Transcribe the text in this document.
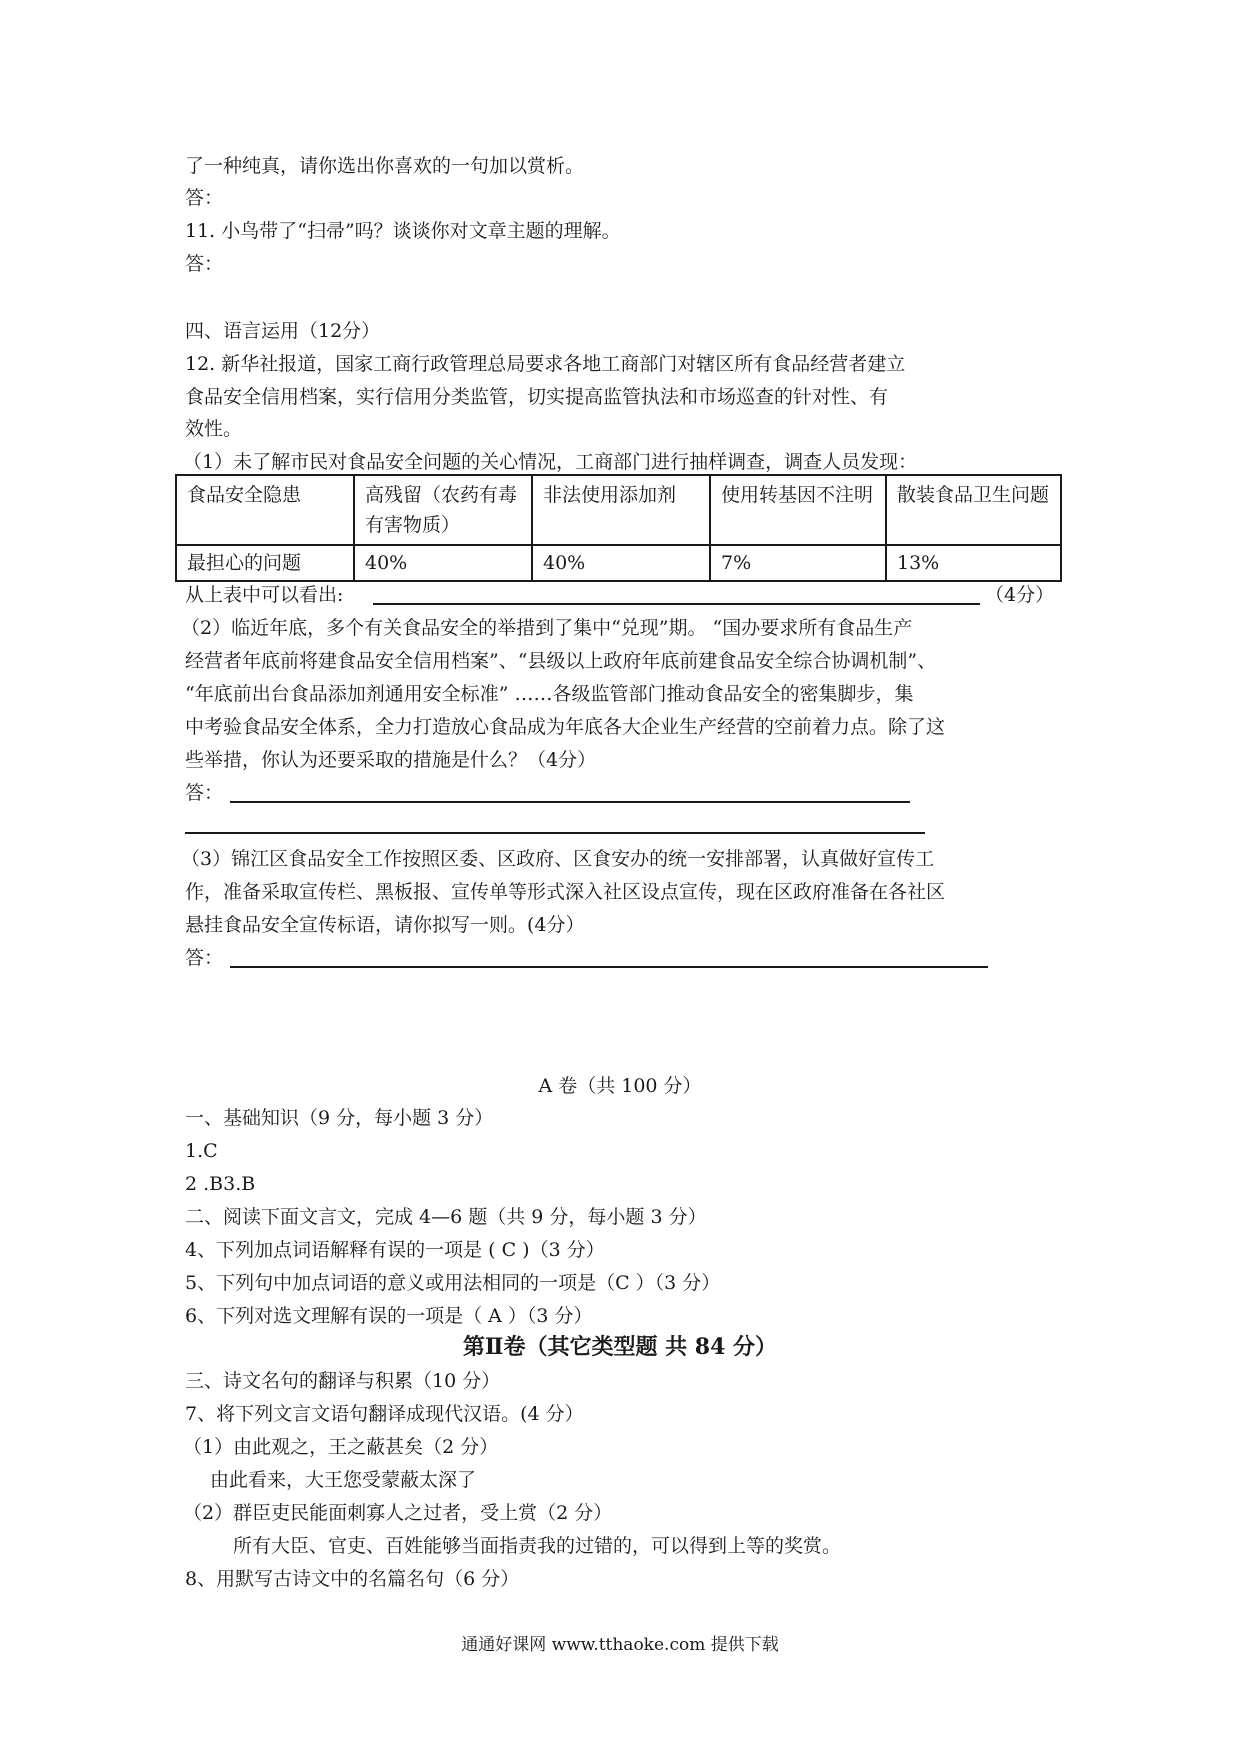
了一种纯真，请你选出你喜欢的一句加以赏析。
答：
11. 小鸟带了“扫帚”吗？谈谈你对文章主题的理解。
答：
四、语言运用（12分）
12. 新华社报道，国家工商行政管理总局要求各地工商部门对辖区所有食品经营者建立
食品安全信用档案，实行信用分类监管，切实提高监管执法和市场巡查的针对性、有
效性。
（1）未了解市民对食品安全问题的关心情况，工商部门进行抽样调查，调查人员发现：
食品安全隐患	高残留（农药有毒有害物质）	非法使用添加剂	使用转基因不注明	散装食品卫生问题
最担心的问题	40%	40%	7%	13%
从上表中可以看出:	（4分）
（2）临近年底，多个有关食品安全的举措到了集中“兑现”期。 “国办要求所有食品生产
经营者年底前将建食品安全信用档案”、“县级以上政府年底前建食品安全综合协调机制”、
“年底前出台食品添加剂通用安全标准” ……各级监管部门推动食品安全的密集脚步，集
中考验食品安全体系，全力打造放心食品成为年底各大企业生产经营的空前着力点。除了这
些举措，你认为还要采取的措施是什么？（4分）
答：
（3）锦江区食品安全工作按照区委、区政府、区食安办的统一安排部署，认真做好宣传工
作，准备采取宣传栏、黑板报、宣传单等形式深入社区设点宣传，现在区政府准备在各社区
悬挂食品安全宣传标语，请你拟写一则。(4分）
答：
A 卷（共 100 分）
一、基础知识（9 分，每小题 3 分）
1.C
2 .B3.B
二、阅读下面文言文，完成 4—6 题（共 9 分，每小题 3 分）
4、下列加点词语解释有误的一项是 ( C )（3 分）
5、下列句中加点词语的意义或用法相同的一项是（C ）（3 分）
6、下列对选文理解有误的一项是（ A ）（3 分）
第Ⅱ卷（其它类型题 共 84 分）
三、诗文名句的翻译与积累（10 分）
7、将下列文言文语句翻译成现代汉语。(4 分）
（1）由此观之，王之蔽甚矣（2 分）
由此看来，大王您受蒙蔽太深了
（2）群臣吏民能面刺寡人之过者，受上赏（2 分）
所有大臣、官吏、百姓能够当面指责我的过错的，可以得到上等的奖赏。
8、用默写古诗文中的名篇名句（6 分）
通通好课网 www.tthaoke.com 提供下载
